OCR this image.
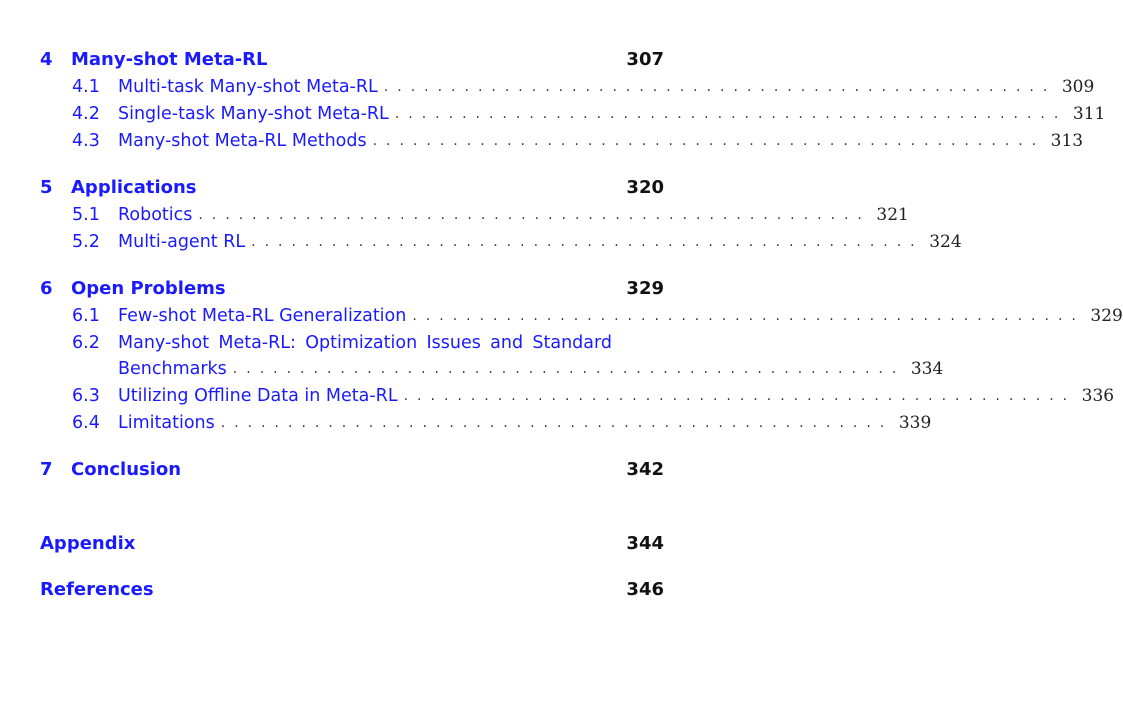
4 Many-shot Meta-RL	307
4.1 Multi-task Many-shot Meta-RL .................................................. 309
4.2 Single-task Many-shot Meta-RL .................................................. 311
4.3 Many-shot Meta-RL Methods .................................................. 313
5 Applications	320
5.1 Robotics .................................................. 321
5.2 Multi-agent RL .................................................. 324
6 Open Problems	329
6.1 Few-shot Meta-RL Generalization .................................................. 329
6.2 Many-shot Meta-RL: Optimization Issues and Standard
Benchmarks .................................................. 334
6.3 Utilizing Offline Data in Meta-RL .................................................. 336
6.4 Limitations .................................................. 339
7 Conclusion	342
Appendix	344
References	346
